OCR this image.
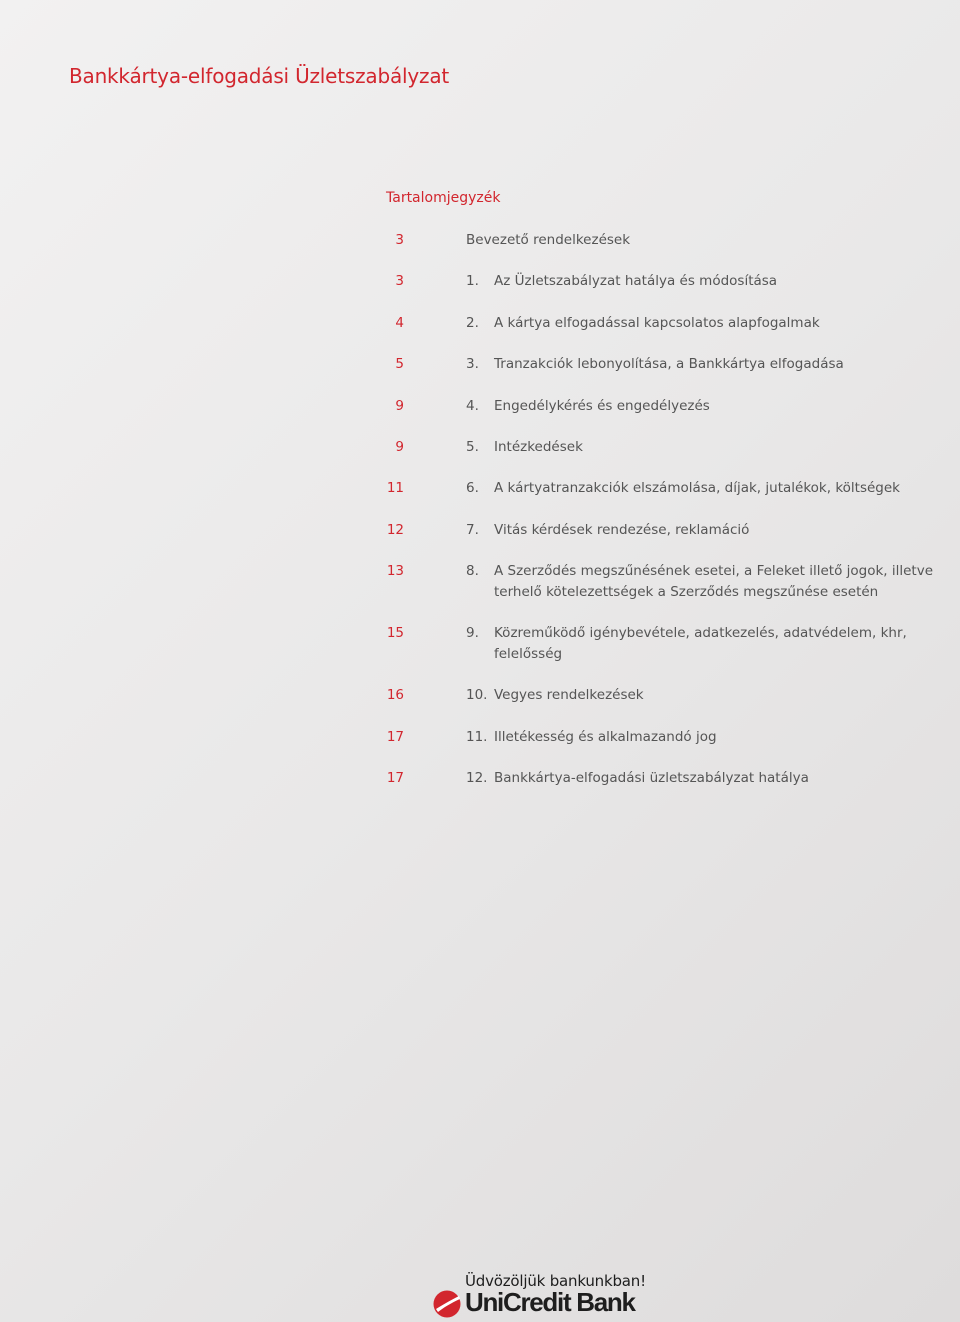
Bankkártya-elfogadási Üzletszabályzat
Tartalomjegyzék
3	Bevezető rendelkezések
3	1. Az Üzletszabályzat hatálya és módosítása
4	2. A kártya elfogadással kapcsolatos alapfogalmak
5	3. Tranzakciók lebonyolítása, a Bankkártya elfogadása
9	4. Engedélykérés és engedélyezés
9	5. Intézkedések
11	6. A kártyatranzakciók elszámolása, díjak, jutalékok, költségek
12	7. Vitás kérdések rendezése, reklamáció
13	8. A Szerződés megszűnésének esetei, a Feleket illető jogok, illetve terhelő kötelezettségek a Szerződés megszűnése esetén
15	9. Közreműködő igénybevétele, adatkezelés, adatvédelem, khr, felelősség
16	10. Vegyes rendelkezések
17	11. Illetékesség és alkalmazandó jog
17	12. Bankkártya-elfogadási üzletszabályzat hatálya
Üdvözöljük bankunkban!
UniCredit Bank
